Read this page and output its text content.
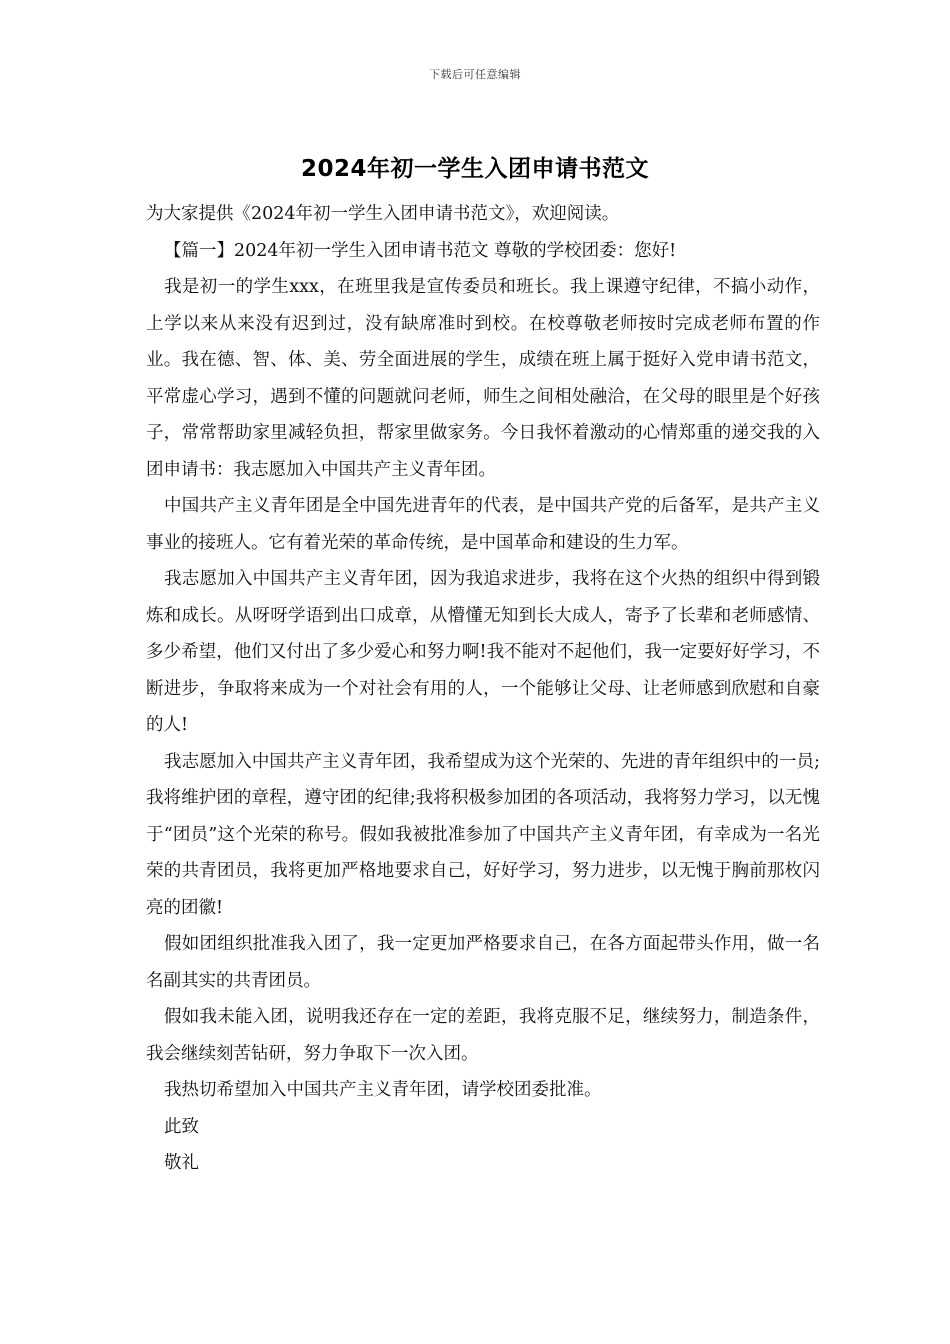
下载后可任意编辑
2024年初一学生入团申请书范文

为大家提供《2024年初一学生入团申请书范文》，欢迎阅读。

【篇一】2024年初一学生入团申请书范文 尊敬的学校团委：您好!

我是初一的学生xxx，在班里我是宣传委员和班长。我上课遵守纪律，不搞小动作，上学以来从来没有迟到过，没有缺席准时到校。在校尊敬老师按时完成老师布置的作业。我在德、智、体、美、劳全面进展的学生，成绩在班上属于挺好入党申请书范文，平常虚心学习，遇到不懂的问题就问老师，师生之间相处融洽，在父母的眼里是个好孩子，常常帮助家里减轻负担，帮家里做家务。今日我怀着激动的心情郑重的递交我的入团申请书：我志愿加入中国共产主义青年团。

中国共产主义青年团是全中国先进青年的代表，是中国共产党的后备军，是共产主义事业的接班人。它有着光荣的革命传统，是中国革命和建设的生力军。

我志愿加入中国共产主义青年团，因为我追求进步，我将在这个火热的组织中得到锻炼和成长。从呀呀学语到出口成章，从懵懂无知到长大成人，寄予了长辈和老师感情、多少希望，他们又付出了多少爱心和努力啊!我不能对不起他们，我一定要好好学习，不断进步，争取将来成为一个对社会有用的人，一个能够让父母、让老师感到欣慰和自豪的人!

我志愿加入中国共产主义青年团，我希望成为这个光荣的、先进的青年组织中的一员;我将维护团的章程，遵守团的纪律;我将积极参加团的各项活动，我将努力学习，以无愧于“团员”这个光荣的称号。假如我被批准参加了中国共产主义青年团，有幸成为一名光荣的共青团员，我将更加严格地要求自己，好好学习，努力进步，以无愧于胸前那枚闪亮的团徽!

假如团组织批准我入团了，我一定更加严格要求自己，在各方面起带头作用，做一名名副其实的共青团员。

假如我未能入团，说明我还存在一定的差距，我将克服不足，继续努力，制造条件，我会继续刻苦钻研，努力争取下一次入团。

我热切希望加入中国共产主义青年团，请学校团委批准。

此致

敬礼
